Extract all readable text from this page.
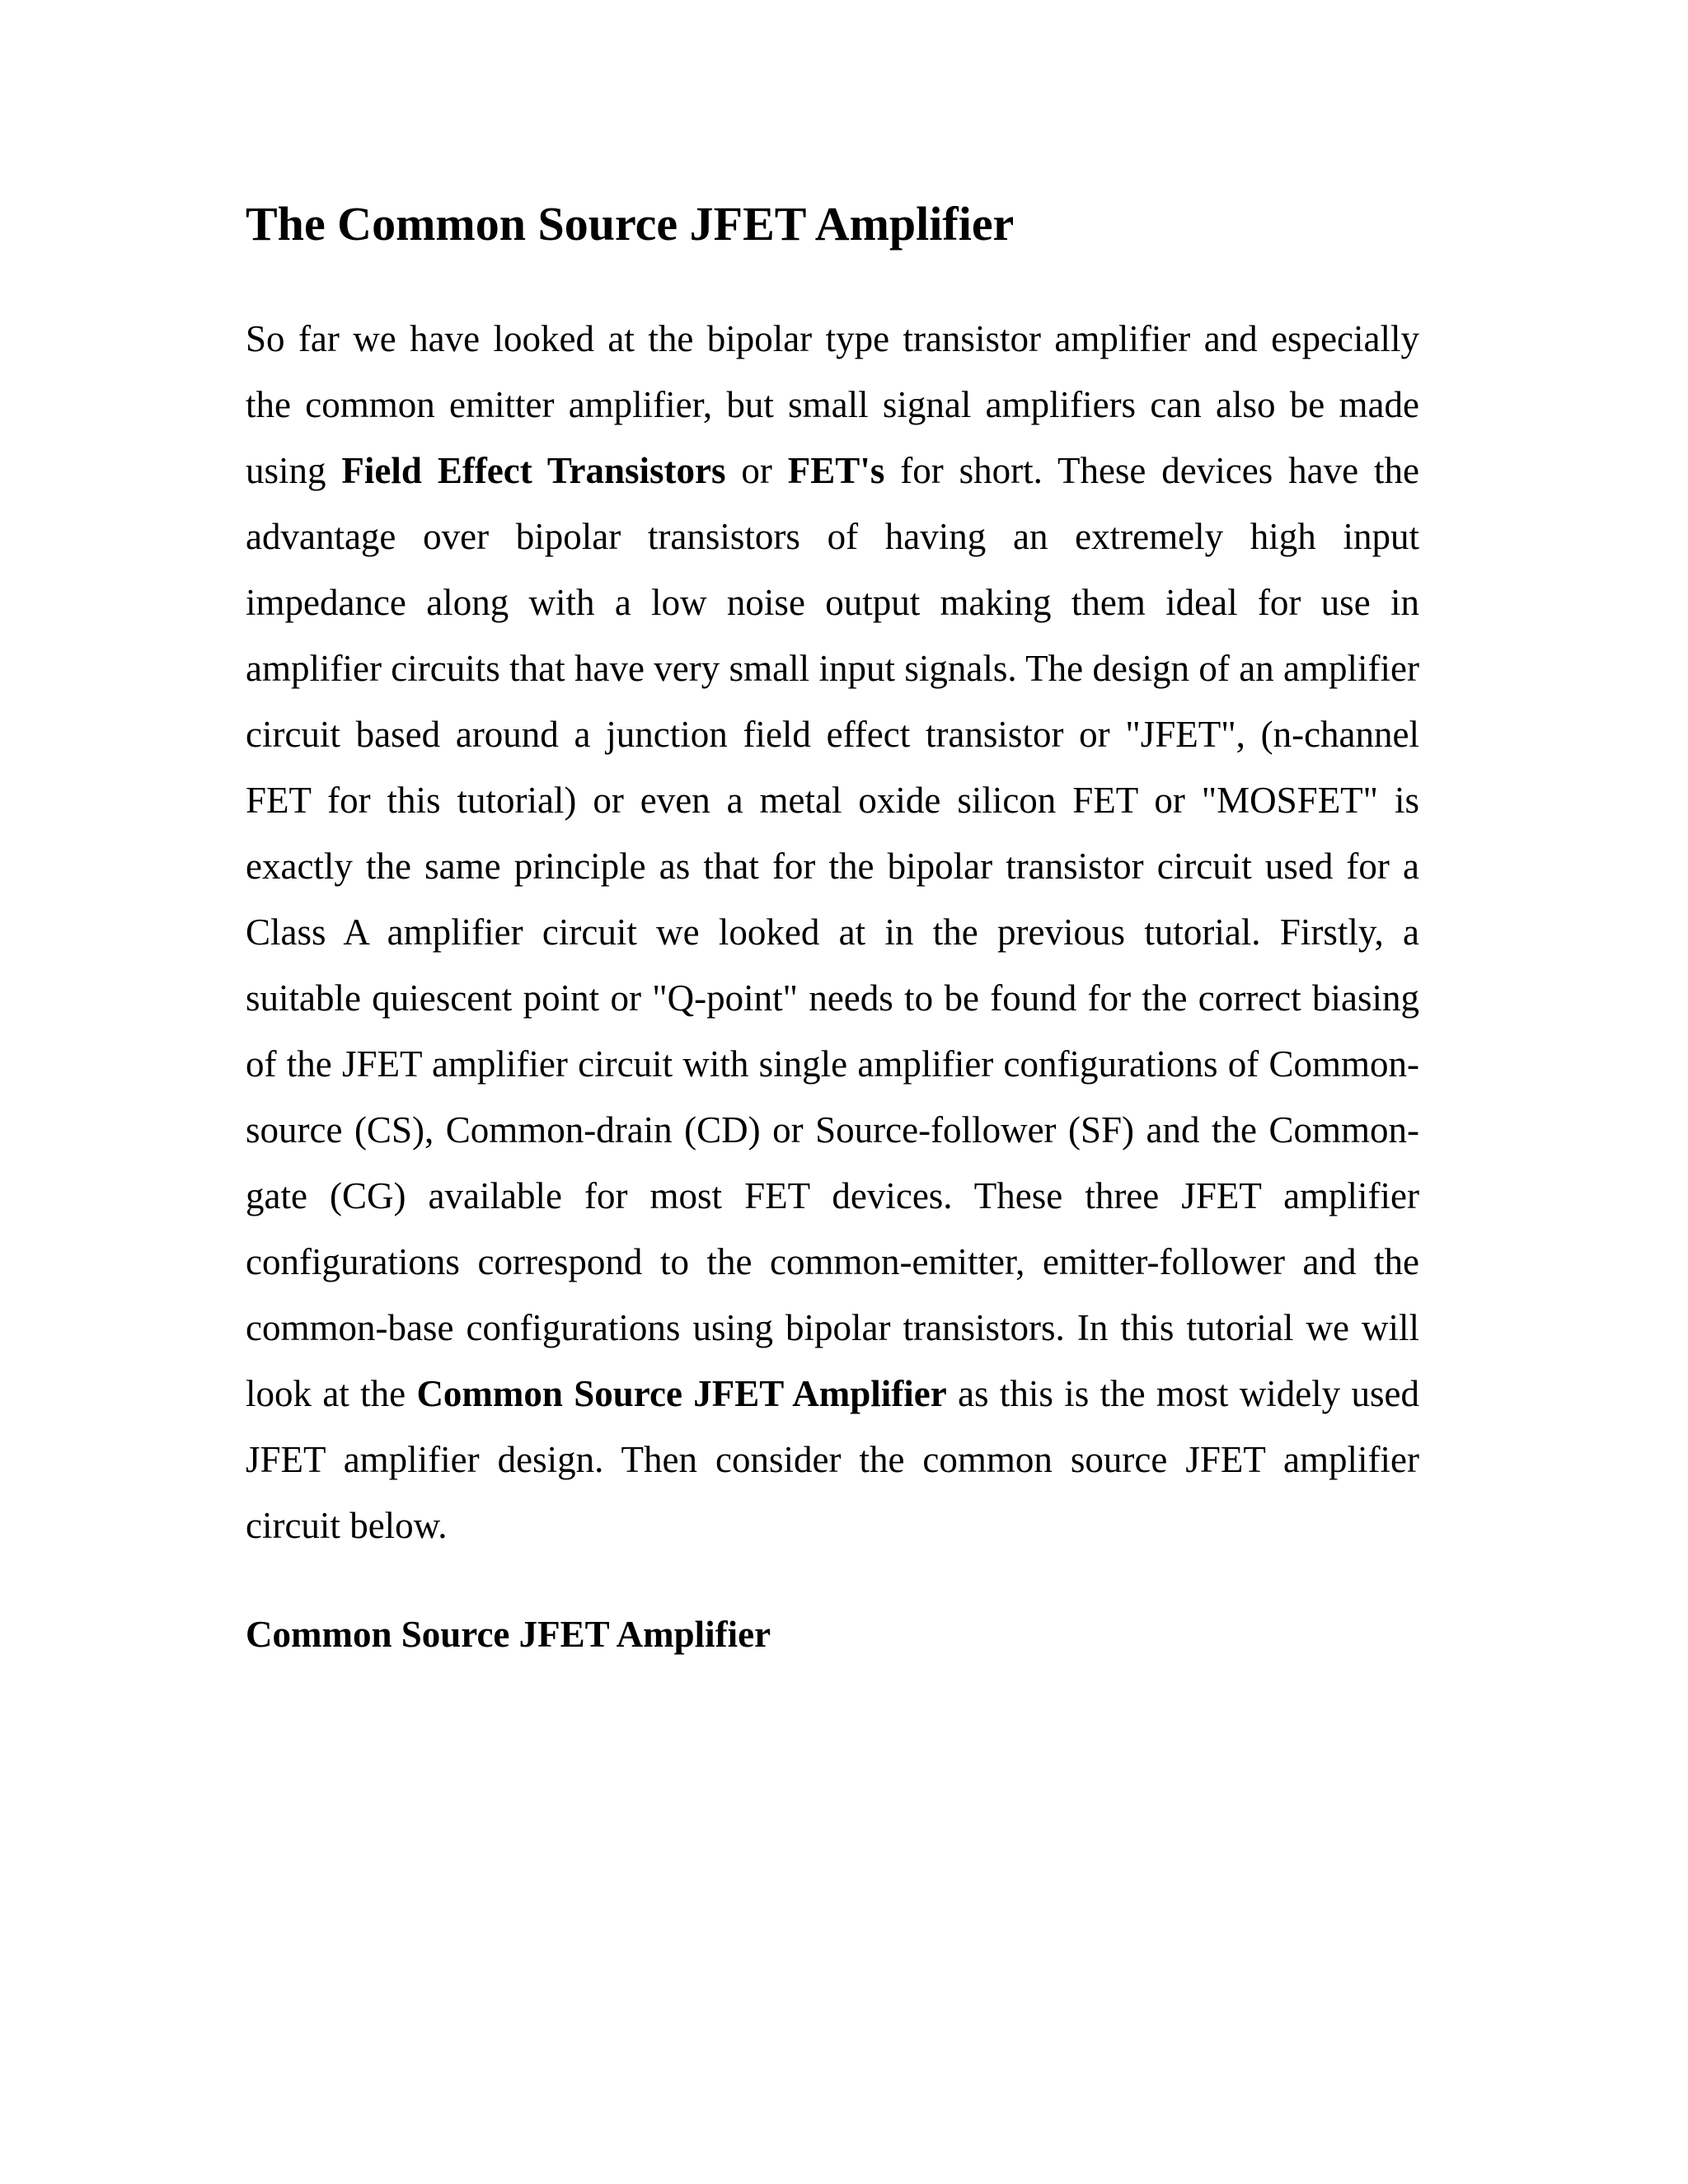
The Common Source JFET Amplifier

So far we have looked at the bipolar type transistor amplifier and especially the common emitter amplifier, but small signal amplifiers can also be made using Field Effect Transistors or FET's for short. These devices have the advantage over bipolar transistors of having an extremely high input impedance along with a low noise output making them ideal for use in amplifier circuits that have very small input signals. The design of an amplifier circuit based around a junction field effect transistor or "JFET", (n-channel FET for this tutorial) or even a metal oxide silicon FET or "MOSFET" is exactly the same principle as that for the bipolar transistor circuit used for a Class A amplifier circuit we looked at in the previous tutorial. Firstly, a suitable quiescent point or "Q-point" needs to be found for the correct biasing of the JFET amplifier circuit with single amplifier configurations of Common-source (CS), Common-drain (CD) or Source-follower (SF) and the Common-gate (CG) available for most FET devices. These three JFET amplifier configurations correspond to the common-emitter, emitter-follower and the common-base configurations using bipolar transistors. In this tutorial we will look at the Common Source JFET Amplifier as this is the most widely used JFET amplifier design. Then consider the common source JFET amplifier circuit below.

Common Source JFET Amplifier
